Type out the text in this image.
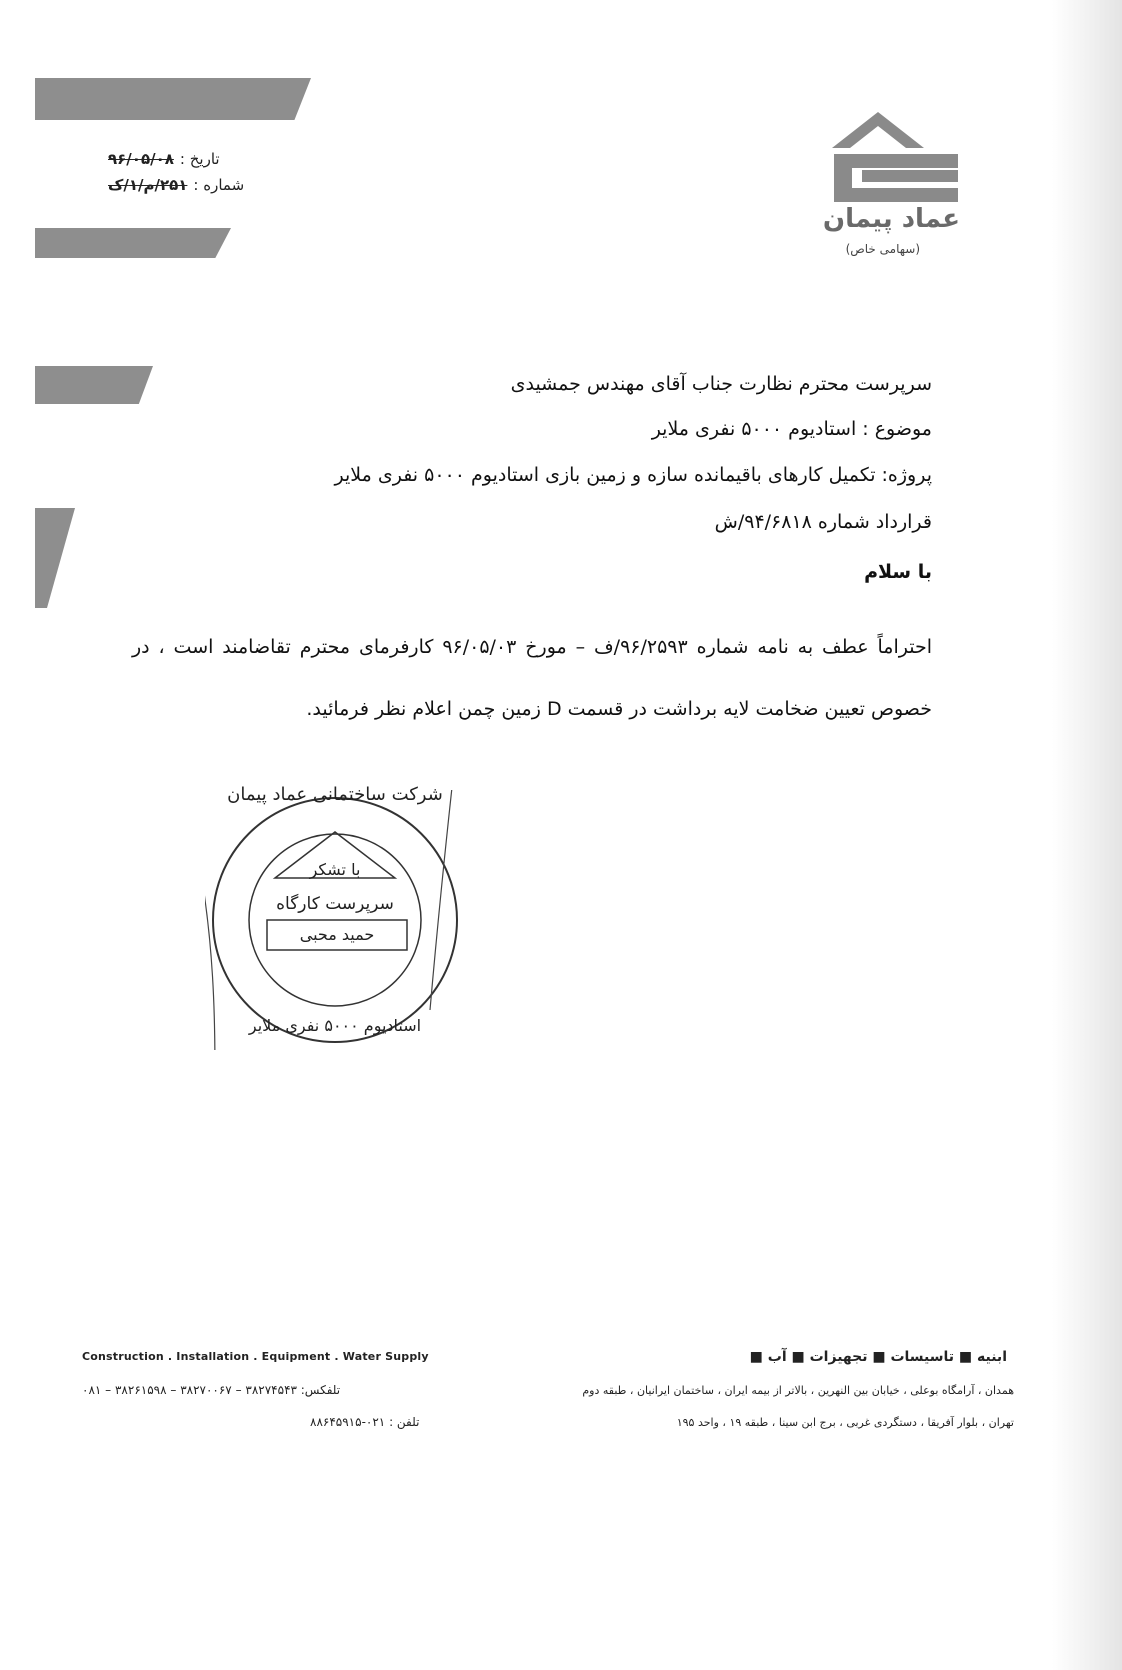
تاریخ :
۹۶/۰۵/۰۸
شماره :
۲۵۱/م/۱/ک
عماد پیمان
(سهامی خاص)
سرپرست محترم نظارت جناب آقای مهندس جمشیدی
موضوع : استادیوم ۵۰۰۰ نفری ملایر
پروژه: تکمیل کارهای باقیمانده سازه و زمین بازی استادیوم ۵۰۰۰ نفری ملایر
قرارداد شماره ۹۴/۶۸۱۸/ش
با سلام
احتراماً عطف به نامه شماره ۹۶/۲۵۹۳/ف – مورخ ۹۶/۰۵/۰۳ کارفرمای محترم تقاضامند است ، در خصوص تعیین ضخامت لایه برداشت در قسمت D زمین چمن اعلام نظر فرمائید.
شرکت ساختمانی عماد پیمان
با تشکر
سرپرست کارگاه
حمید محبی
استادیوم ۵۰۰۰ نفری ملایر
Construction . Installation . Equipment . Water Supply	ابنیه ■ تاسیسات ■ تجهیزات ■ آب ■
همدان ، آرامگاه بوعلی ، خیابان بین النهرین ، بالاتر از بیمه ایران ، ساختمان ایرانیان ، طبقه دوم
تلفکس: ۳۸۲۷۴۵۴۳ – ۳۸۲۷۰۰۶۷ – ۳۸۲۶۱۵۹۸ – ۰۸۱
تهران ، بلوار آفریقا ، دستگردی غربی ، برج ابن سینا ، طبقه ۱۹ ، واحد ۱۹۵
تلفن : ۰۲۱-۸۸۶۴۵۹۱۵
